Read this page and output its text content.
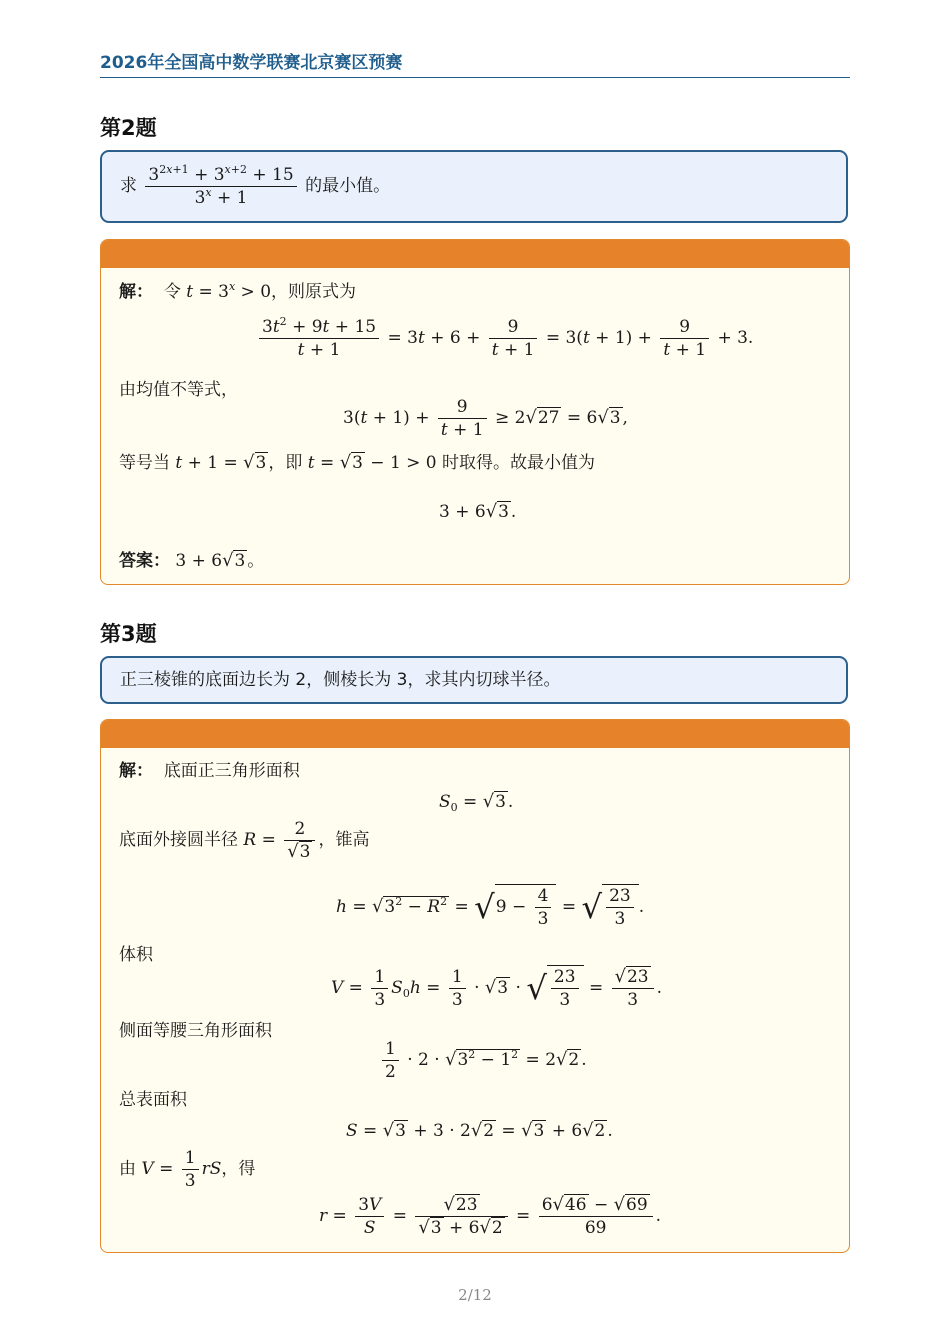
2026年全国高中数学联赛北京赛区预赛
第2题
求 $\frac{3^{2x+1} + 3^{x+2} + 15}{3^x + 1}$ 的最小值。
解： 令 $t = 3^x > 0$，则原式为
$\frac{3t^2 + 9t + 15}{t + 1} = 3t + 6 + \frac{9}{t + 1} = 3(t + 1) + \frac{9}{t + 1} + 3$.
由均值不等式，
$3(t + 1) + \frac{9}{t + 1} \ge 2√27 = 6√3$ ,
等号当 t + 1 = √3 ，即 t = √3 − 1 > 0 时取得。故最小值为
3 + 6√3 .
答案： 3 + 6√3 。
第3题
正三棱锥的底面边长为 2，侧棱长为 3，求其内切球半径。
解： 底面正三角形面积
$S_0 = √3$ .
底面外接圆半径 $R = \frac{2}{√3}$ ，锥高
$h = √3^2 - R^2 = √9 - \frac{4}{3}$ = √ $\frac{23}{3}$ .
体积
$V = \frac{1}{3} S_0h = \frac{1}{3} \cdot √3$ · √ $\frac{23}{3} = \frac{√23}{3}$ .
侧面等腰三角形面积
$\frac{1}{2} \cdot 2 \cdot √3^2 - 1^2 = 2√2$ .
总表面积
S = √3 + 3 · 2√2 = √3 + 6√2 .
由 $V = \frac{1}{3}$ rS，得
$r = \frac{3V}{S} = \frac{√23}{√3 + 6√2} = \frac{6√46 - √69}{69}$ .
2/12
